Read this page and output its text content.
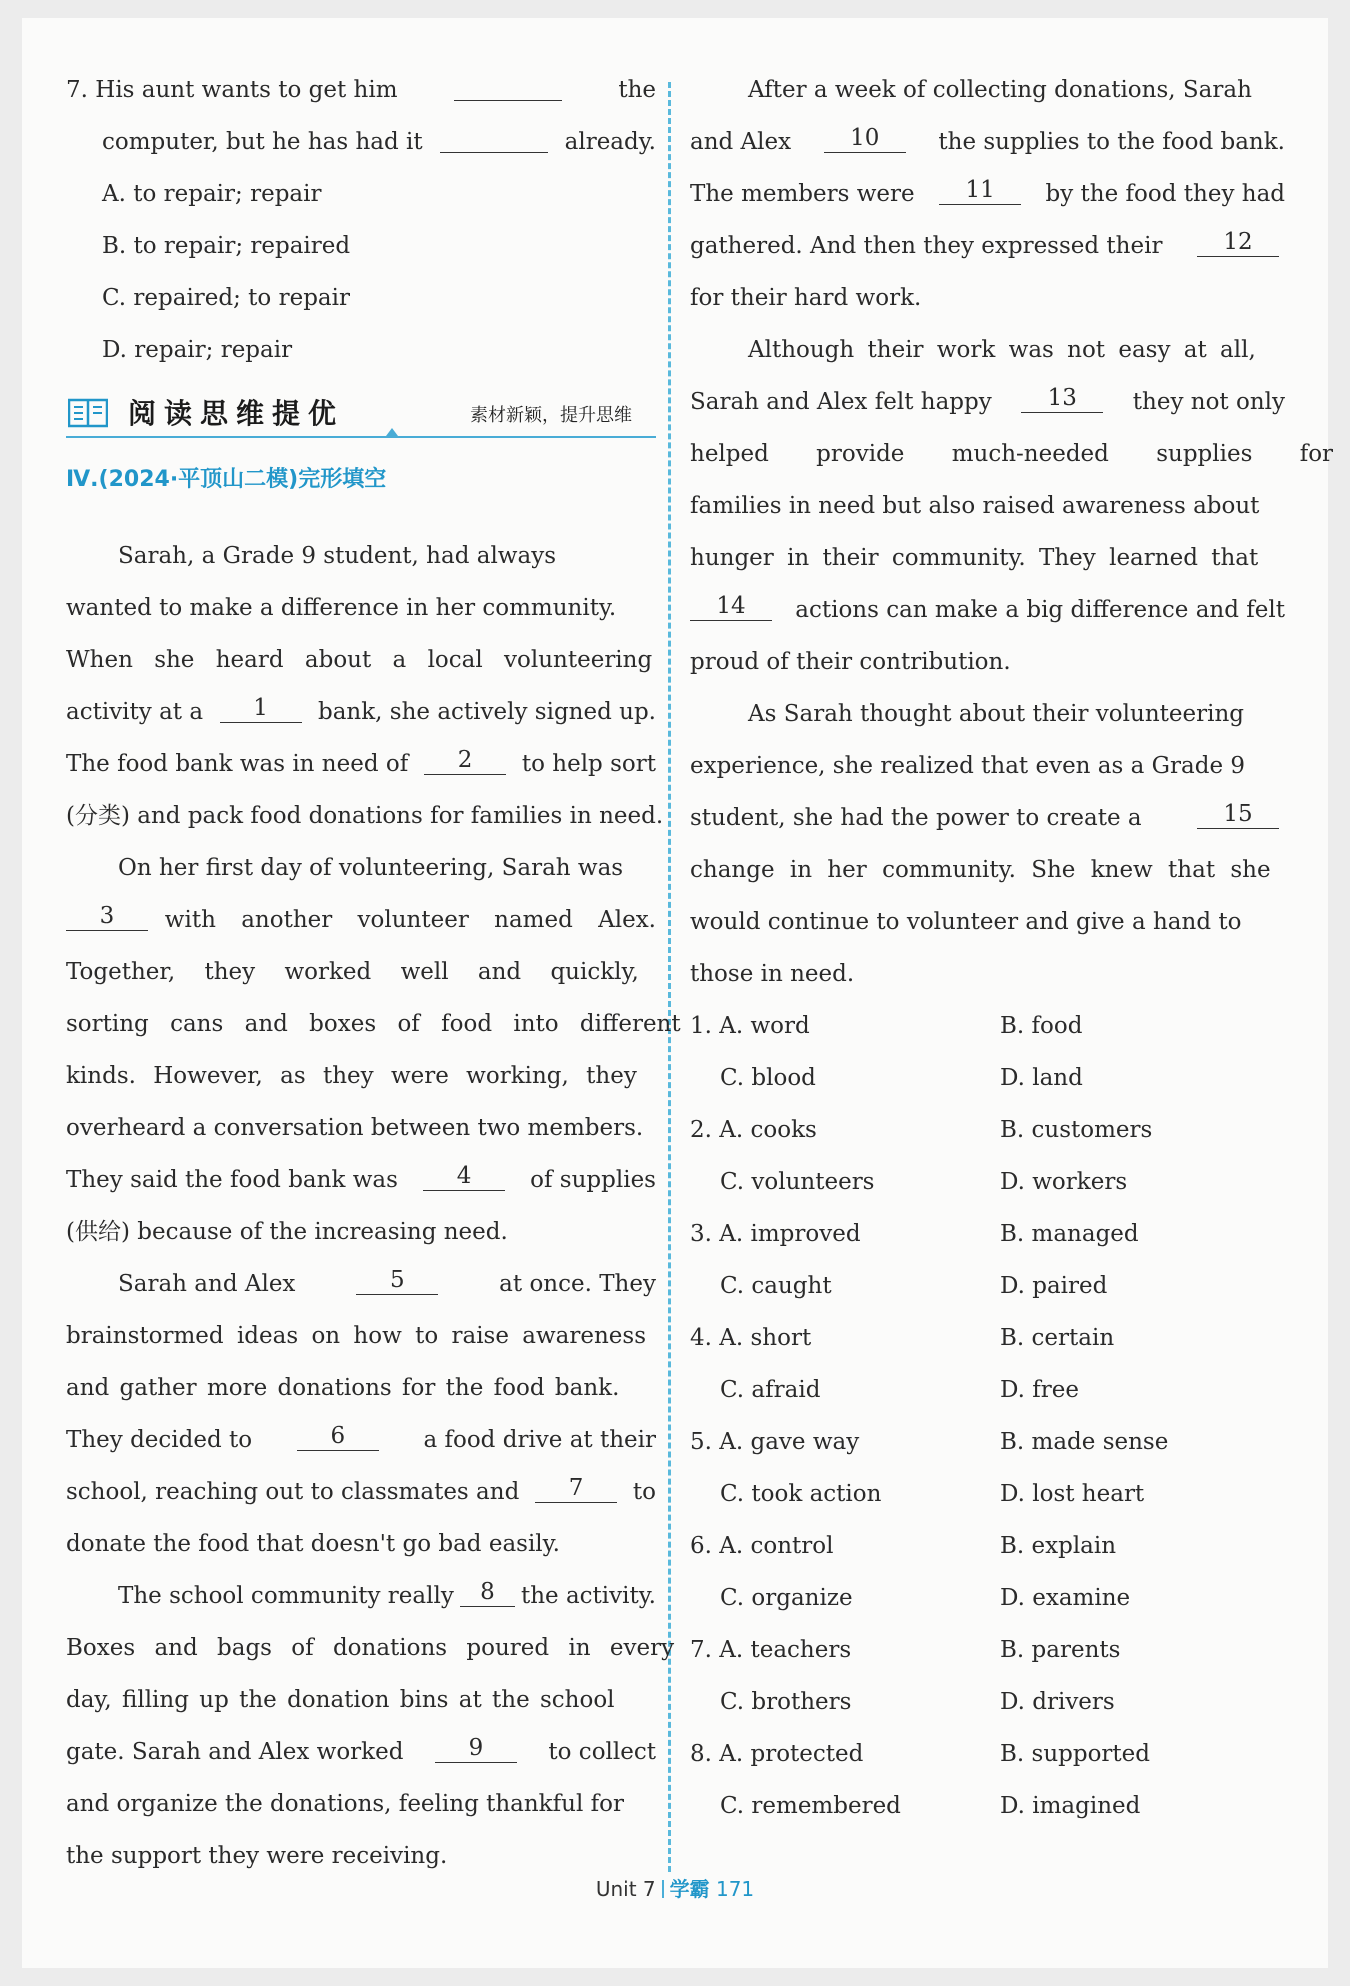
7. His aunt wants to get him	the
computer, but he has had it	already.
A. to repair; repair
B. to repair; repaired
C. repaired; to repair
D. repair; repair
阅读思维提优	素材新颖，提升思维
Ⅳ.(2024·平顶山二模)完形填空
Sarah, a Grade 9 student, had always
wanted to make a difference in her community.
When she heard about a local volunteering
activity at a	1	bank, she actively signed up.
The food bank was in need of	2	to help sort
(分类) and pack food donations for families in need.
On her first day of volunteering, Sarah was
3	with another volunteer named Alex.
Together, they worked well and quickly,
sorting cans and boxes of food into different
kinds. However, as they were working, they
overheard a conversation between two members.
They said the food bank was	4	of supplies
(供给) because of the increasing need.
Sarah and Alex	5	at once. They
brainstormed ideas on how to raise awareness
and gather more donations for the food bank.
They decided to	6	a food drive at their
school, reaching out to classmates and	7	to
donate the food that doesn't go bad easily.
The school community really	8	the activity.
Boxes and bags of donations poured in every
day, filling up the donation bins at the school
gate. Sarah and Alex worked	9	to collect
and organize the donations, feeling thankful for
the support they were receiving.
After a week of collecting donations, Sarah
and Alex	10	the supplies to the food bank.
The members were	11	by the food they had
gathered. And then they expressed their	12
for their hard work.
Although their work was not easy at all,
Sarah and Alex felt happy	13	they not only
helped provide much-needed supplies for
families in need but also raised awareness about
hunger in their community. They learned that
14	actions can make a big difference and felt
proud of their contribution.
As Sarah thought about their volunteering
experience, she realized that even as a Grade 9
student, she had the power to create a	15
change in her community. She knew that she
would continue to volunteer and give a hand to
those in need.
1. A. word	B. food
C. blood	D. land
2. A. cooks	B. customers
C. volunteers	D. workers
3. A. improved	B. managed
C. caught	D. paired
4. A. short	B. certain
C. afraid	D. free
5. A. gave way	B. made sense
C. took action	D. lost heart
6. A. control	B. explain
C. organize	D. examine
7. A. teachers	B. parents
C. brothers	D. drivers
8. A. protected	B. supported
C. remembered	D. imagined
Unit 7 学霸 171
